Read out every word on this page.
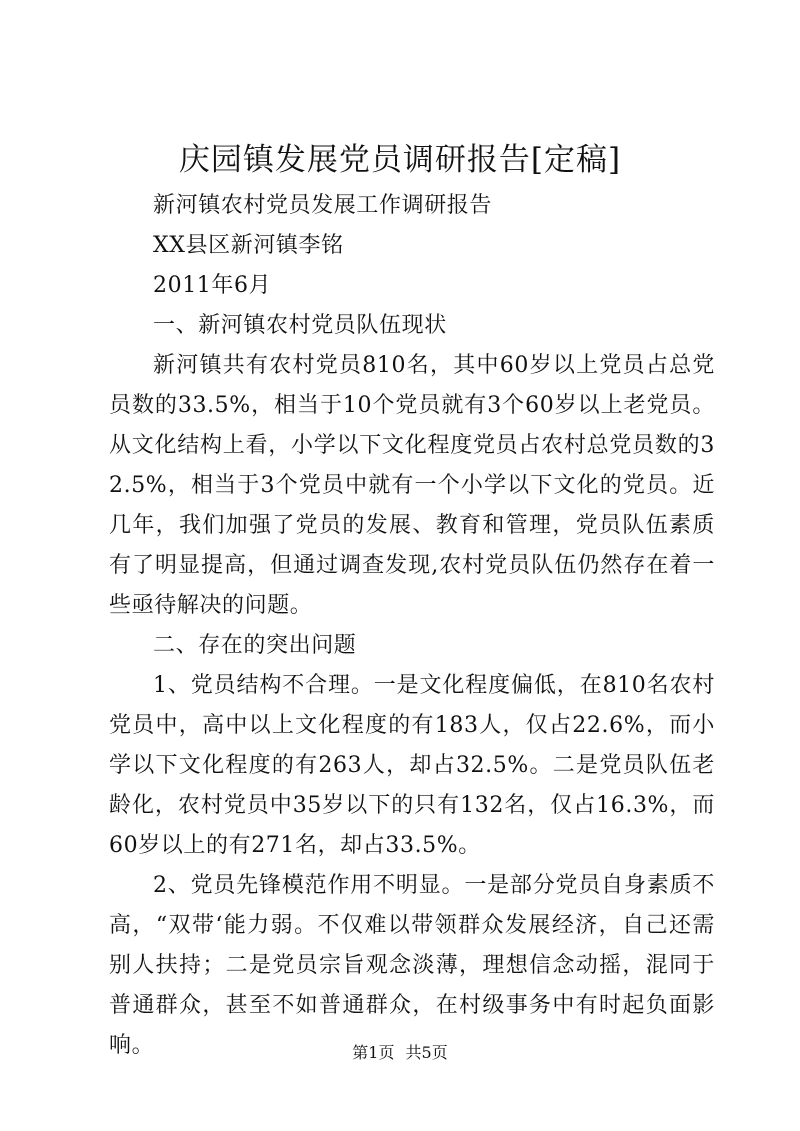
庆园镇发展党员调研报告[定稿]

新河镇农村党员发展工作调研报告

XX县区新河镇李铭

2011年6月

一、新河镇农村党员队伍现状

新河镇共有农村党员810名，其中60岁以上党员占总党员数的33.5%，相当于10个党员就有3个60岁以上老党员。从文化结构上看，小学以下文化程度党员占农村总党员数的32.5%，相当于3个党员中就有一个小学以下文化的党员。近几年，我们加强了党员的发展、教育和管理，党员队伍素质有了明显提高，但通过调查发现,农村党员队伍仍然存在着一些亟待解决的问题。

二、存在的突出问题

1、党员结构不合理。一是文化程度偏低，在810名农村党员中，高中以上文化程度的有183人，仅占22.6%，而小学以下文化程度的有263人，却占32.5%。二是党员队伍老龄化，农村党员中35岁以下的只有132名，仅占16.3%，而60岁以上的有271名，却占33.5%。

2、党员先锋模范作用不明显。一是部分党员自身素质不高，“双带‘能力弱。不仅难以带领群众发展经济，自己还需别人扶持；二是党员宗旨观念淡薄，理想信念动摇，混同于普通群众，甚至不如普通群众，在村级事务中有时起负面影响。	第1页 共5页
